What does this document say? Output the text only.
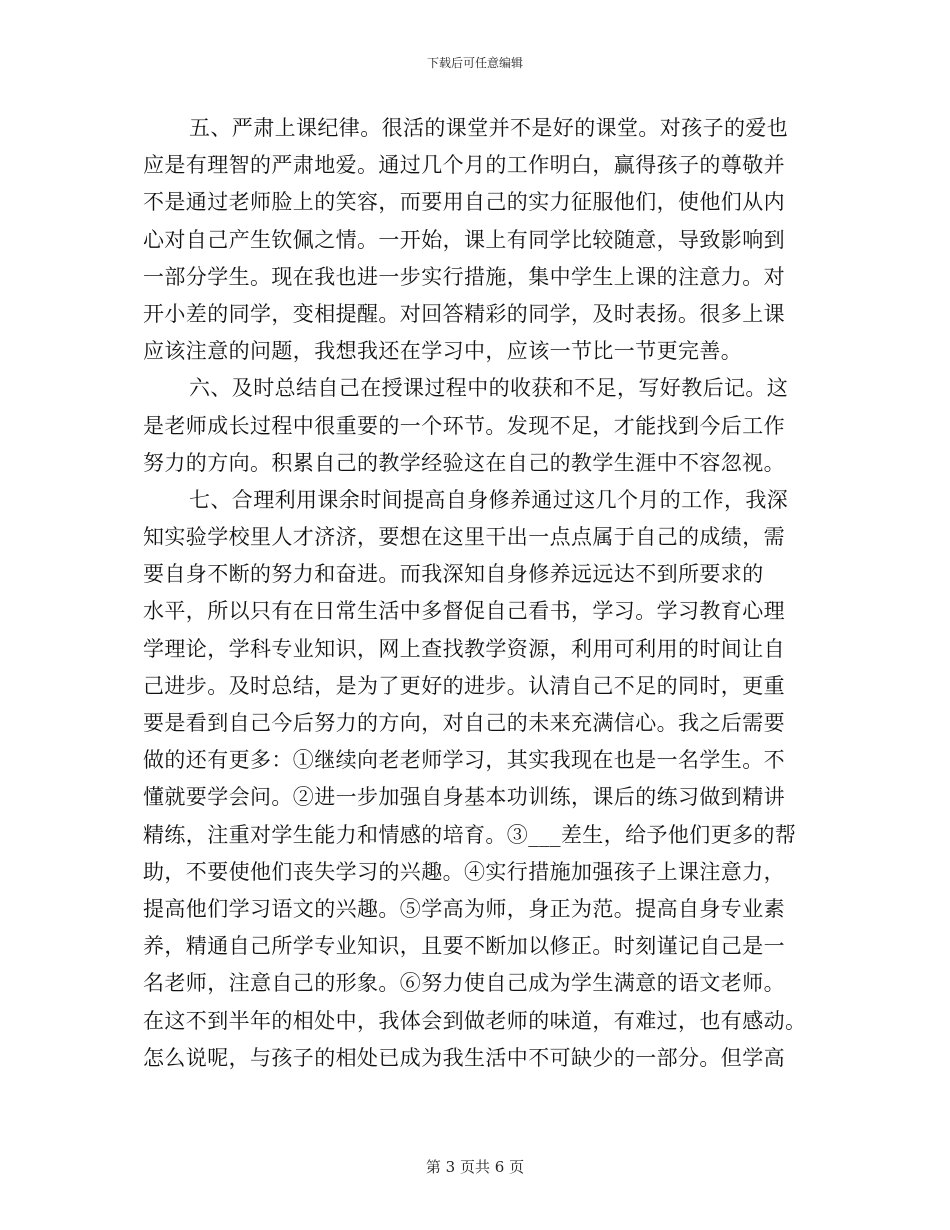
下载后可任意编辑
五、严肃上课纪律。很活的课堂并不是好的课堂。对孩子的爱也
应是有理智的严肃地爱。通过几个月的工作明白，赢得孩子的尊敬并
不是通过老师脸上的笑容，而要用自己的实力征服他们，使他们从内
心对自己产生钦佩之情。一开始，课上有同学比较随意，导致影响到
一部分学生。现在我也进一步实行措施，集中学生上课的注意力。对
开小差的同学，变相提醒。对回答精彩的同学，及时表扬。很多上课
应该注意的问题，我想我还在学习中，应该一节比一节更完善。
六、及时总结自己在授课过程中的收获和不足，写好教后记。这
是老师成长过程中很重要的一个环节。发现不足，才能找到今后工作
努力的方向。积累自己的教学经验这在自己的教学生涯中不容忽视。
七、合理利用课余时间提高自身修养通过这几个月的工作，我深
知实验学校里人才济济，要想在这里干出一点点属于自己的成绩，需
要自身不断的努力和奋进。而我深知自身修养远远达不到所要求的
水平，所以只有在日常生活中多督促自己看书，学习。学习教育心理
学理论，学科专业知识，网上查找教学资源，利用可利用的时间让自
己进步。及时总结，是为了更好的进步。认清自己不足的同时，更重
要是看到自己今后努力的方向，对自己的未来充满信心。我之后需要
做的还有更多：①继续向老老师学习，其实我现在也是一名学生。不
懂就要学会问。②进一步加强自身基本功训练，课后的练习做到精讲
精练，注重对学生能力和情感的培育。③___差生，给予他们更多的帮
助，不要使他们丧失学习的兴趣。④实行措施加强孩子上课注意力，
提高他们学习语文的兴趣。⑤学高为师，身正为范。提高自身专业素
养，精通自己所学专业知识，且要不断加以修正。时刻谨记自己是一
名老师，注意自己的形象。⑥努力使自己成为学生满意的语文老师。
在这不到半年的相处中，我体会到做老师的味道，有难过，也有感动。
怎么说呢，与孩子的相处已成为我生活中不可缺少的一部分。但学高
第 3 页共 6 页
